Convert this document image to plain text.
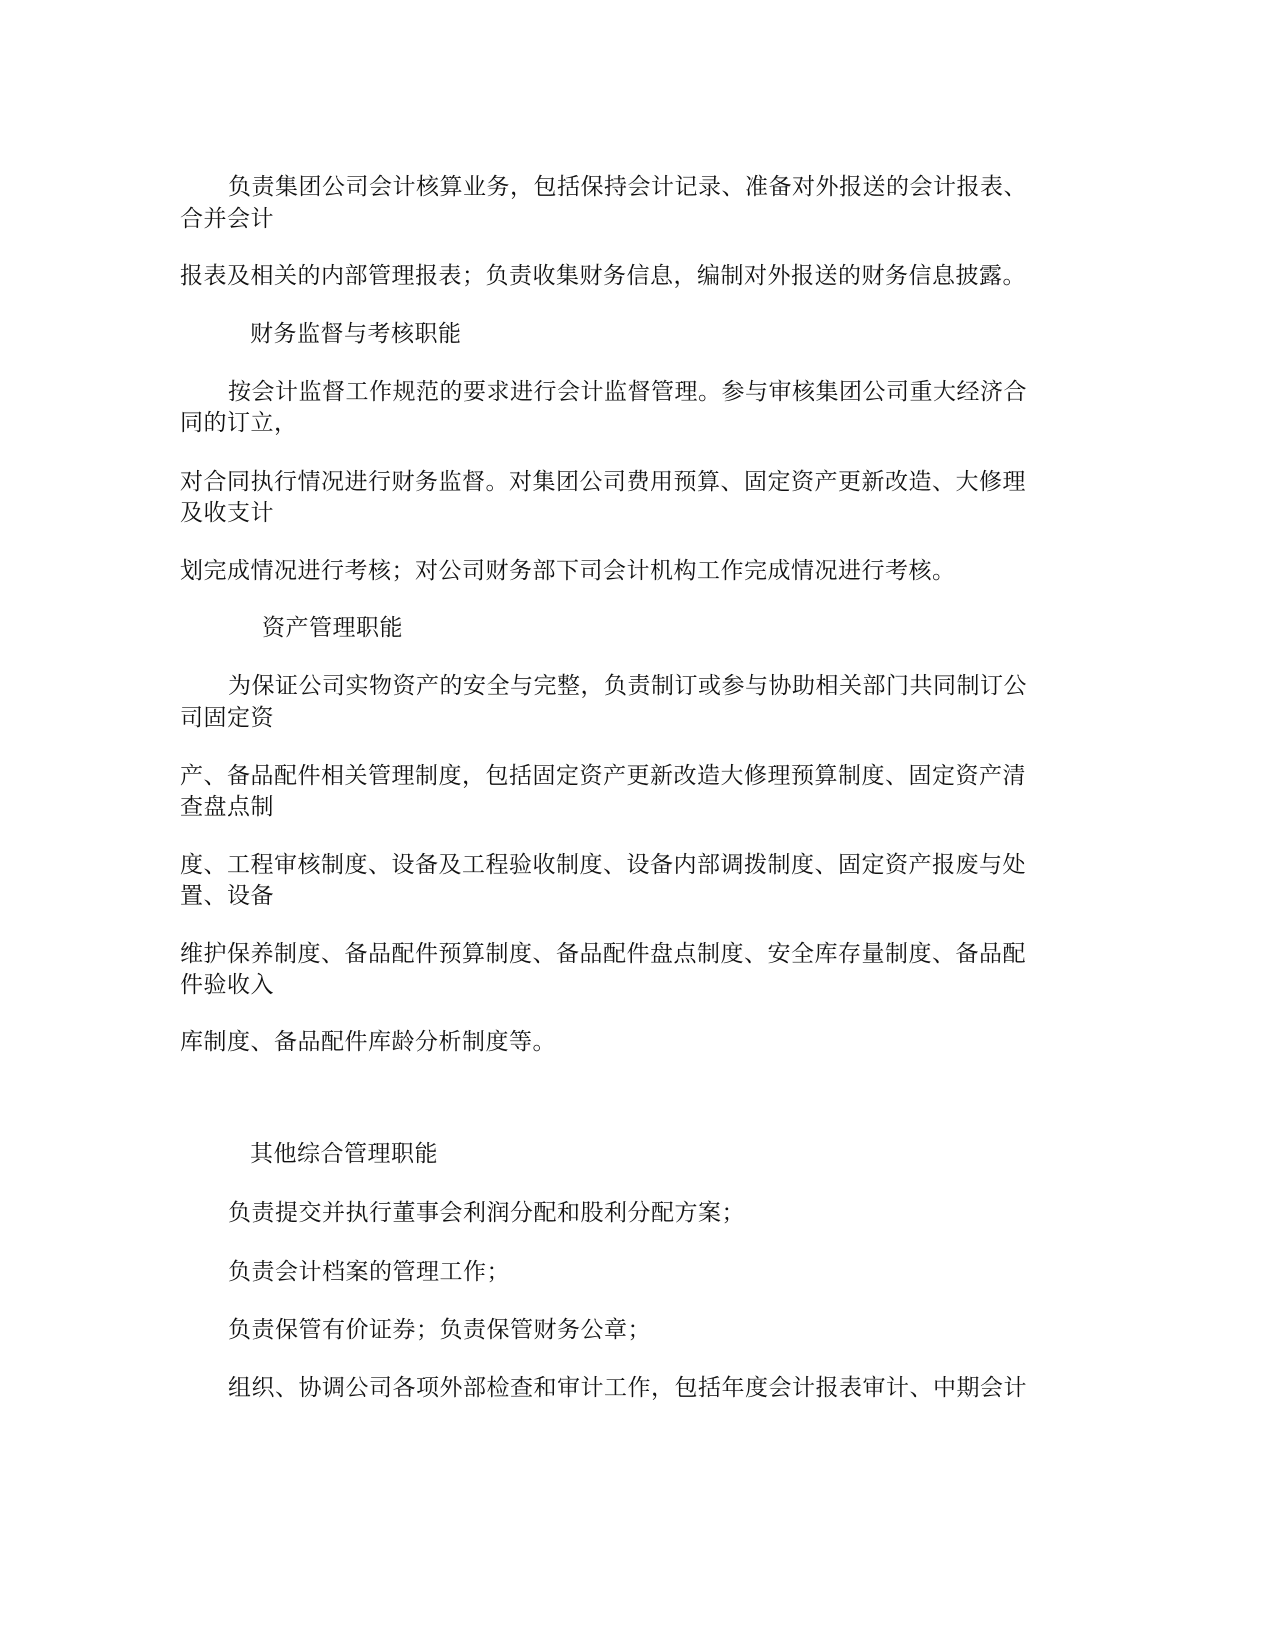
负责集团公司会计核算业务，包括保持会计记录、准备对外报送的会计报表、
合并会计
报表及相关的内部管理报表；负责收集财务信息，编制对外报送的财务信息披露。
财务监督与考核职能
按会计监督工作规范的要求进行会计监督管理。参与审核集团公司重大经济合
同的订立，
对合同执行情况进行财务监督。对集团公司费用预算、固定资产更新改造、大修理
及收支计
划完成情况进行考核；对公司财务部下司会计机构工作完成情况进行考核。
资产管理职能
为保证公司实物资产的安全与完整，负责制订或参与协助相关部门共同制订公
司固定资
产、备品配件相关管理制度，包括固定资产更新改造大修理预算制度、固定资产清
查盘点制
度、工程审核制度、设备及工程验收制度、设备内部调拨制度、固定资产报废与处
置、设备
维护保养制度、备品配件预算制度、备品配件盘点制度、安全库存量制度、备品配
件验收入
库制度、备品配件库龄分析制度等。
其他综合管理职能
负责提交并执行董事会利润分配和股利分配方案；
负责会计档案的管理工作；
负责保管有价证券；负责保管财务公章；
组织、协调公司各项外部检查和审计工作，包括年度会计报表审计、中期会计
